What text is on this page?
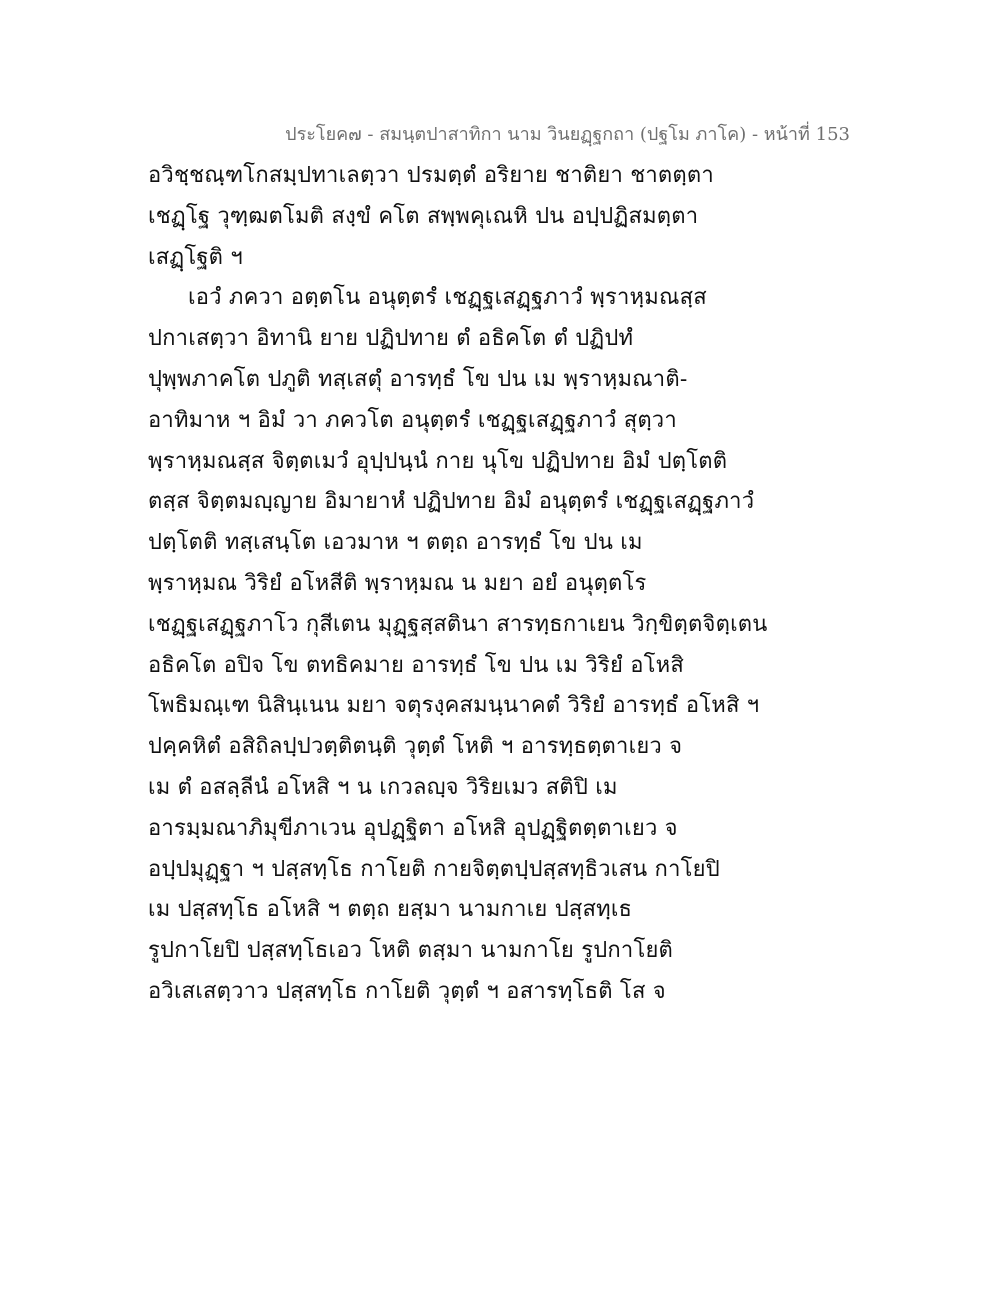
ประโยค๗ - สมนฺตปาสาทิกา นาม วินยฏฺฐกถา (ปฐโม ภาโค) - หน้าที่ 153
อวิชฺชณฺฑโกสมฺปทาเลตฺวา ปรมตฺตํ อริยาย ชาติยา ชาตตฺตา
เชฏฺโฐ วุฑฺฒตโมติ สงฺขํ คโต สพฺพคุเณหิ ปน อปฺปฏิสมตฺตา
เสฏฺโฐติ ฯ
เอวํ ภควา อตฺตโน อนุตฺตรํ เชฏฺฐเสฏฺฐภาวํ พฺราหฺมณสฺส
ปกาเสตฺวา อิทานิ ยาย ปฏิปทาย ตํ อธิคโต ตํ ปฏิปทํ
ปุพฺพภาคโต ปภูติ ทสฺเสตุํ อารทฺธํ โข ปน เม พฺราหฺมณาติ-
อาทิมาห ฯ อิมํ วา ภควโต อนุตฺตรํ เชฏฺฐเสฏฺฐภาวํ สุตฺวา
พฺราหฺมณสฺส จิตฺตเมวํ อุปฺปนฺนํ กาย นุโข ปฏิปทาย อิมํ ปตฺโตติ
ตสฺส จิตฺตมญฺญาย อิมายาหํ ปฏิปทาย อิมํ อนุตฺตรํ เชฏฺฐเสฏฺฐภาวํ
ปตฺโตติ ทสฺเสนฺโต เอวมาห ฯ ตตฺถ อารทฺธํ โข ปน เม
พฺราหฺมณ วิริยํ อโหสีติ พฺราหฺมณ น มยา อยํ อนุตฺตโร
เชฏฺฐเสฏฺฐภาโว กุสีเตน มุฏฺฐสฺสตินา สารทฺธกาเยน วิกฺขิตฺตจิตฺเตน
อธิคโต อปิจ โข ตทธิคมาย อารทฺธํ โข ปน เม วิริยํ อโหสิ
โพธิมณฺเฑ นิสินฺเนน มยา จตุรงฺคสมนฺนาคตํ วิริยํ อารทฺธํ อโหสิ ฯ
ปคฺคหิตํ อสิถิลปฺปวตฺติตนฺติ วุตฺตํ โหติ ฯ อารทฺธตฺตาเยว จ
เม ตํ อสลฺลีนํ อโหสิ ฯ น เกวลญฺจ วิริยเมว สติปิ เม
อารมฺมณาภิมุขีภาเวน อุปฏฺฐิตา อโหสิ อุปฏฺฐิตตฺตาเยว จ
อปฺปมุฏฺฐา ฯ ปสฺสทฺโธ กาโยติ กายจิตฺตปฺปสฺสทฺธิวเสน กาโยปิ
เม ปสฺสทฺโธ อโหสิ ฯ ตตฺถ ยสฺมา นามกาเย ปสฺสทฺเธ
รูปกาโยปิ ปสฺสทฺโธเอว โหติ ตสฺมา นามกาโย รูปกาโยติ
อวิเสเสตฺวาว ปสฺสทฺโธ กาโยติ วุตฺตํ ฯ อสารทฺโธติ โส จ
